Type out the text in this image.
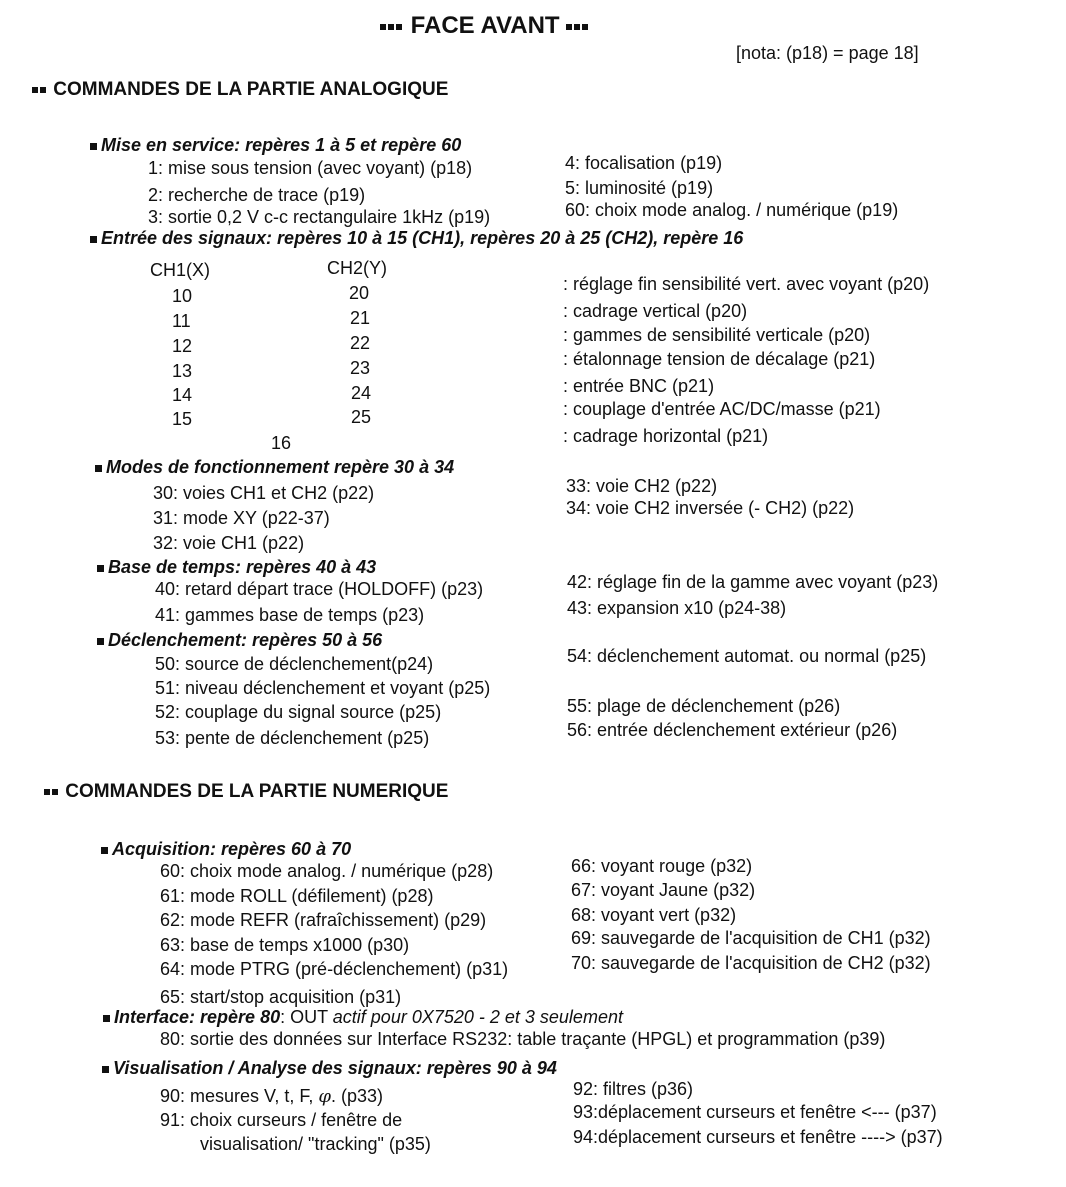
FACE AVANT
[nota: (p18) = page 18]
COMMANDES DE LA PARTIE ANALOGIQUE
Mise en service: repères 1 à 5 et repère 60
1: mise sous tension (avec voyant) (p18)
2: recherche de trace (p19)
3: sortie 0,2 V c-c rectangulaire 1kHz (p19)
4: focalisation (p19)
5: luminosité (p19)
60: choix mode analog. / numérique (p19)
Entrée des signaux: repères 10 à 15 (CH1), repères 20 à 25 (CH2), repère 16
CH1(X)	CH2(Y)
10
11
12
13
14
15
20
21
22
23
24
25
16
: réglage fin sensibilité vert. avec voyant (p20)
: cadrage vertical (p20)
: gammes de sensibilité verticale (p20)
: étalonnage tension de décalage (p21)
: entrée BNC (p21)
: couplage d'entrée AC/DC/masse (p21)
: cadrage horizontal (p21)
Modes de fonctionnement repère 30 à 34
30: voies CH1 et CH2 (p22)
31: mode XY (p22-37)
32: voie CH1 (p22)
33: voie CH2 (p22)
34: voie CH2 inversée (- CH2) (p22)
Base de temps: repères 40 à 43
40: retard départ trace (HOLDOFF) (p23)
41: gammes base de temps (p23)
42: réglage fin de la gamme avec voyant (p23)
43: expansion x10 (p24-38)
Déclenchement: repères 50 à 56
50: source de déclenchement(p24)
51: niveau déclenchement et voyant (p25)
52: couplage du signal source (p25)
53: pente de déclenchement (p25)
54: déclenchement automat. ou normal (p25)
55: plage de déclenchement (p26)
56: entrée déclenchement extérieur (p26)
COMMANDES DE LA PARTIE NUMERIQUE
Acquisition: repères 60 à 70
60: choix mode analog. / numérique (p28)
61: mode ROLL (défilement) (p28)
62: mode REFR (rafraîchissement) (p29)
63: base de temps x1000 (p30)
64: mode PTRG (pré-déclenchement) (p31)
65: start/stop acquisition (p31)
66: voyant rouge (p32)
67: voyant Jaune (p32)
68: voyant vert (p32)
69: sauvegarde de l'acquisition de CH1 (p32)
70: sauvegarde de l'acquisition de CH2 (p32)
Interface: repère 80: OUT actif pour 0X7520 - 2 et 3 seulement
80: sortie des données sur Interface RS232: table traçante (HPGL) et programmation (p39)
Visualisation / Analyse des signaux: repères 90 à 94
90: mesures V, t, F, φ. (p33)
91: choix curseurs / fenêtre de
visualisation/ "tracking" (p35)
92: filtres (p36)
93:déplacement curseurs et fenêtre <--- (p37)
94:déplacement curseurs et fenêtre ----> (p37)
